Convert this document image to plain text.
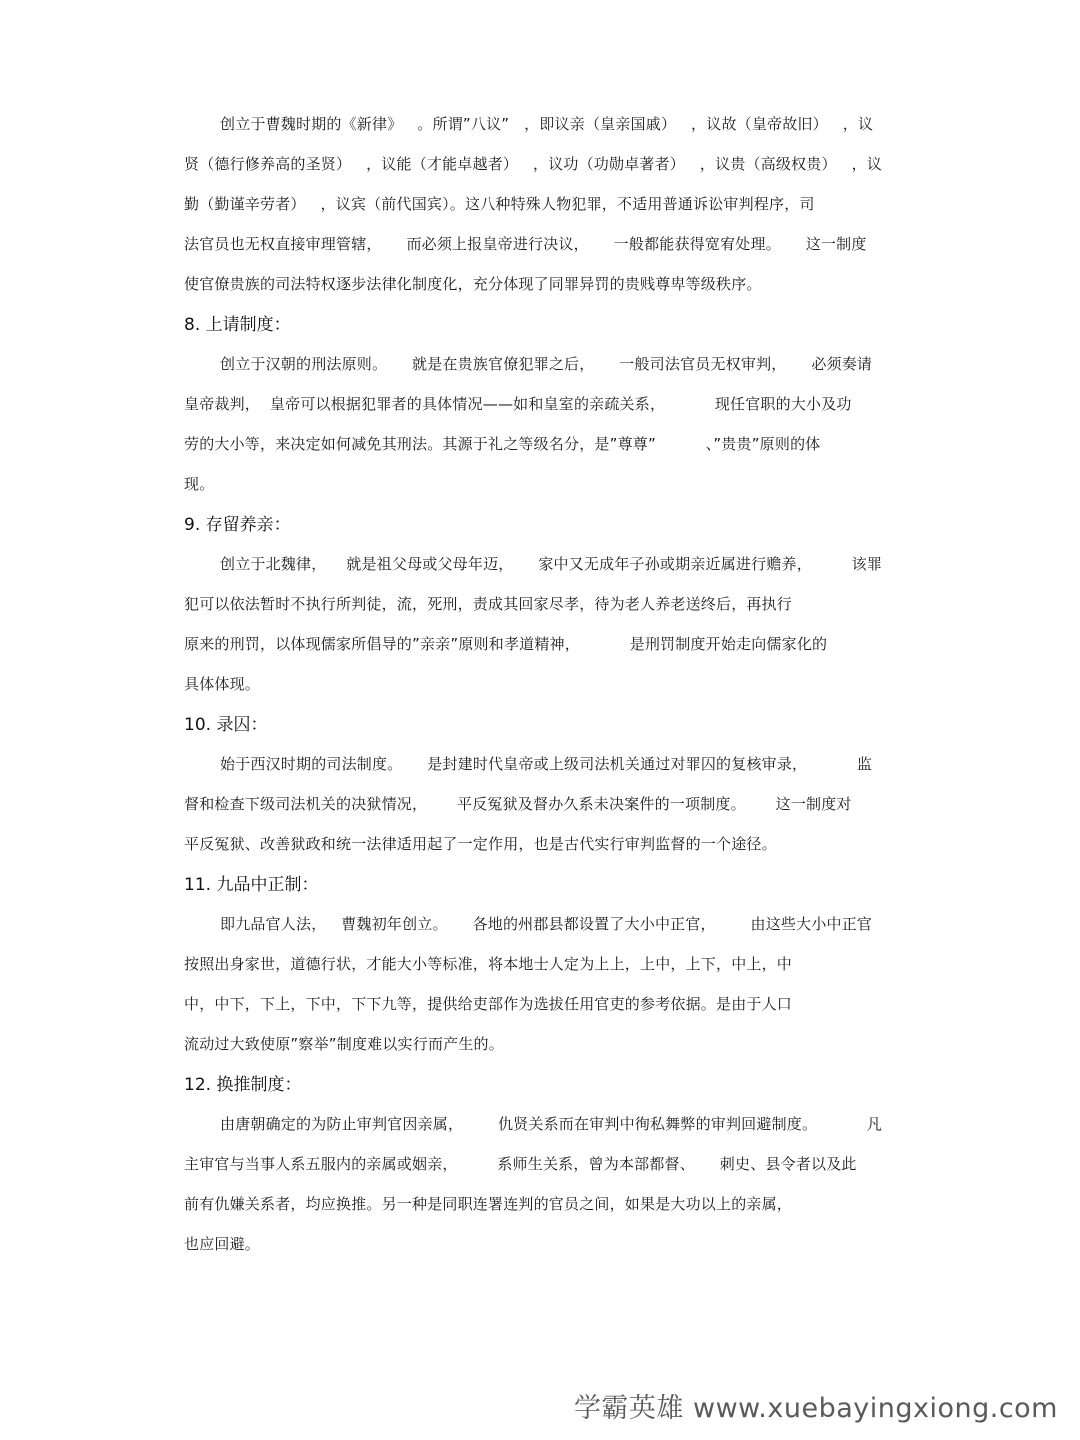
创立于曹魏时期的《新律》   。所谓”八议”   ，即议亲（皇亲国戚）   ，议故（皇帝故旧）   ，议
贤（德行修养高的圣贤）   ，议能（才能卓越者）   ，议功（功勋卓著者）   ，议贵（高级权贵）   ，议
勤（勤谨辛劳者）   ，议宾（前代国宾）。这八种特殊人物犯罪，不适用普通诉讼审判程序，司
法官员也无权直接审理管辖，     而必须上报皇帝进行决议，     一般都能获得宽宥处理。     这一制度
使官僚贵族的司法特权逐步法律化制度化，充分体现了同罪异罚的贵贱尊卑等级秩序。
8. 上请制度：
创立于汉朝的刑法原则。     就是在贵族官僚犯罪之后，     一般司法官员无权审判，     必须奏请
皇帝裁判，  皇帝可以根据犯罪者的具体情况——如和皇室的亲疏关系，          现任官职的大小及功
劳的大小等，来决定如何减免其刑法。其源于礼之等级名分，是”尊尊”          、”贵贵”原则的体
现。
9. 存留养亲：
创立于北魏律，    就是祖父母或父母年迈，     家中又无成年子孙或期亲近属进行赡养，        该罪
犯可以依法暂时不执行所判徒，流，死刑，责成其回家尽孝，待为老人养老送终后，再执行
原来的刑罚，以体现儒家所倡导的”亲亲”原则和孝道精神，          是刑罚制度开始走向儒家化的
具体体现。
10. 录囚：
始于西汉时期的司法制度。     是封建时代皇帝或上级司法机关通过对罪囚的复核审录，          监
督和检查下级司法机关的决狱情况，      平反冤狱及督办久系未决案件的一项制度。      这一制度对
平反冤狱、改善狱政和统一法律适用起了一定作用，也是古代实行审判监督的一个途径。
11. 九品中正制：
即九品官人法，   曹魏初年创立。     各地的州郡县都设置了大小中正官，       由这些大小中正官
按照出身家世，道德行状，才能大小等标准，将本地士人定为上上，上中，上下，中上，中
中，中下，下上，下中，下下九等，提供给吏部作为选拔任用官吏的参考依据。是由于人口
流动过大致使原”察举”制度难以实行而产生的。
12. 换推制度：
由唐朝确定的为防止审判官因亲属，       仇贤关系而在审判中徇私舞弊的审判回避制度。          凡
主审官与当事人系五服内的亲属或姻亲，        系师生关系，曾为本部都督、     刺史、县令者以及此
前有仇嫌关系者，均应换推。另一种是同职连署连判的官员之间，如果是大功以上的亲属，
也应回避。
学霸英雄 www.xuebayingxiong.com
